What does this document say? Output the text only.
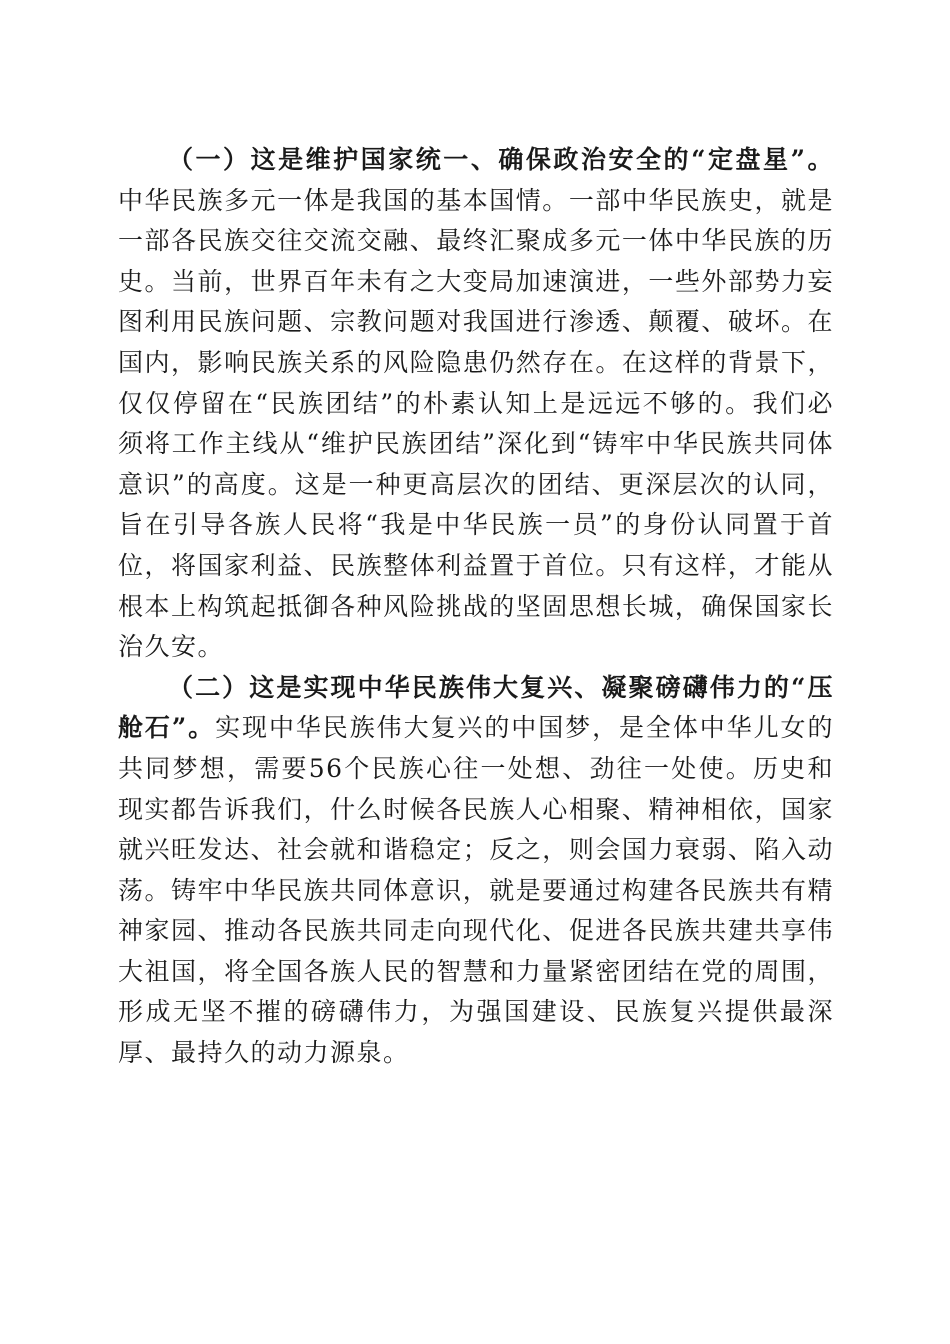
（一）这是维护国家统一、确保政治安全的“定盘星”。中华民族多元一体是我国的基本国情。一部中华民族史，就是一部各民族交往交流交融、最终汇聚成多元一体中华民族的历史。当前，世界百年未有之大变局加速演进，一些外部势力妄图利用民族问题、宗教问题对我国进行渗透、颠覆、破坏。在国内，影响民族关系的风险隐患仍然存在。在这样的背景下，仅仅停留在“民族团结”的朴素认知上是远远不够的。我们必须将工作主线从“维护民族团结”深化到“铸牢中华民族共同体意识”的高度。这是一种更高层次的团结、更深层次的认同，旨在引导各族人民将“我是中华民族一员”的身份认同置于首位，将国家利益、民族整体利益置于首位。只有这样，才能从根本上构筑起抵御各种风险挑战的坚固思想长城，确保国家长治久安。

（二）这是实现中华民族伟大复兴、凝聚磅礴伟力的“压舱石”。实现中华民族伟大复兴的中国梦，是全体中华儿女的共同梦想，需要56个民族心往一处想、劲往一处使。历史和现实都告诉我们，什么时候各民族人心相聚、精神相依，国家就兴旺发达、社会就和谐稳定；反之，则会国力衰弱、陷入动荡。铸牢中华民族共同体意识，就是要通过构建各民族共有精神家园、推动各民族共同走向现代化、促进各民族共建共享伟大祖国，将全国各族人民的智慧和力量紧密团结在党的周围，形成无坚不摧的磅礴伟力，为强国建设、民族复兴提供最深厚、最持久的动力源泉。
